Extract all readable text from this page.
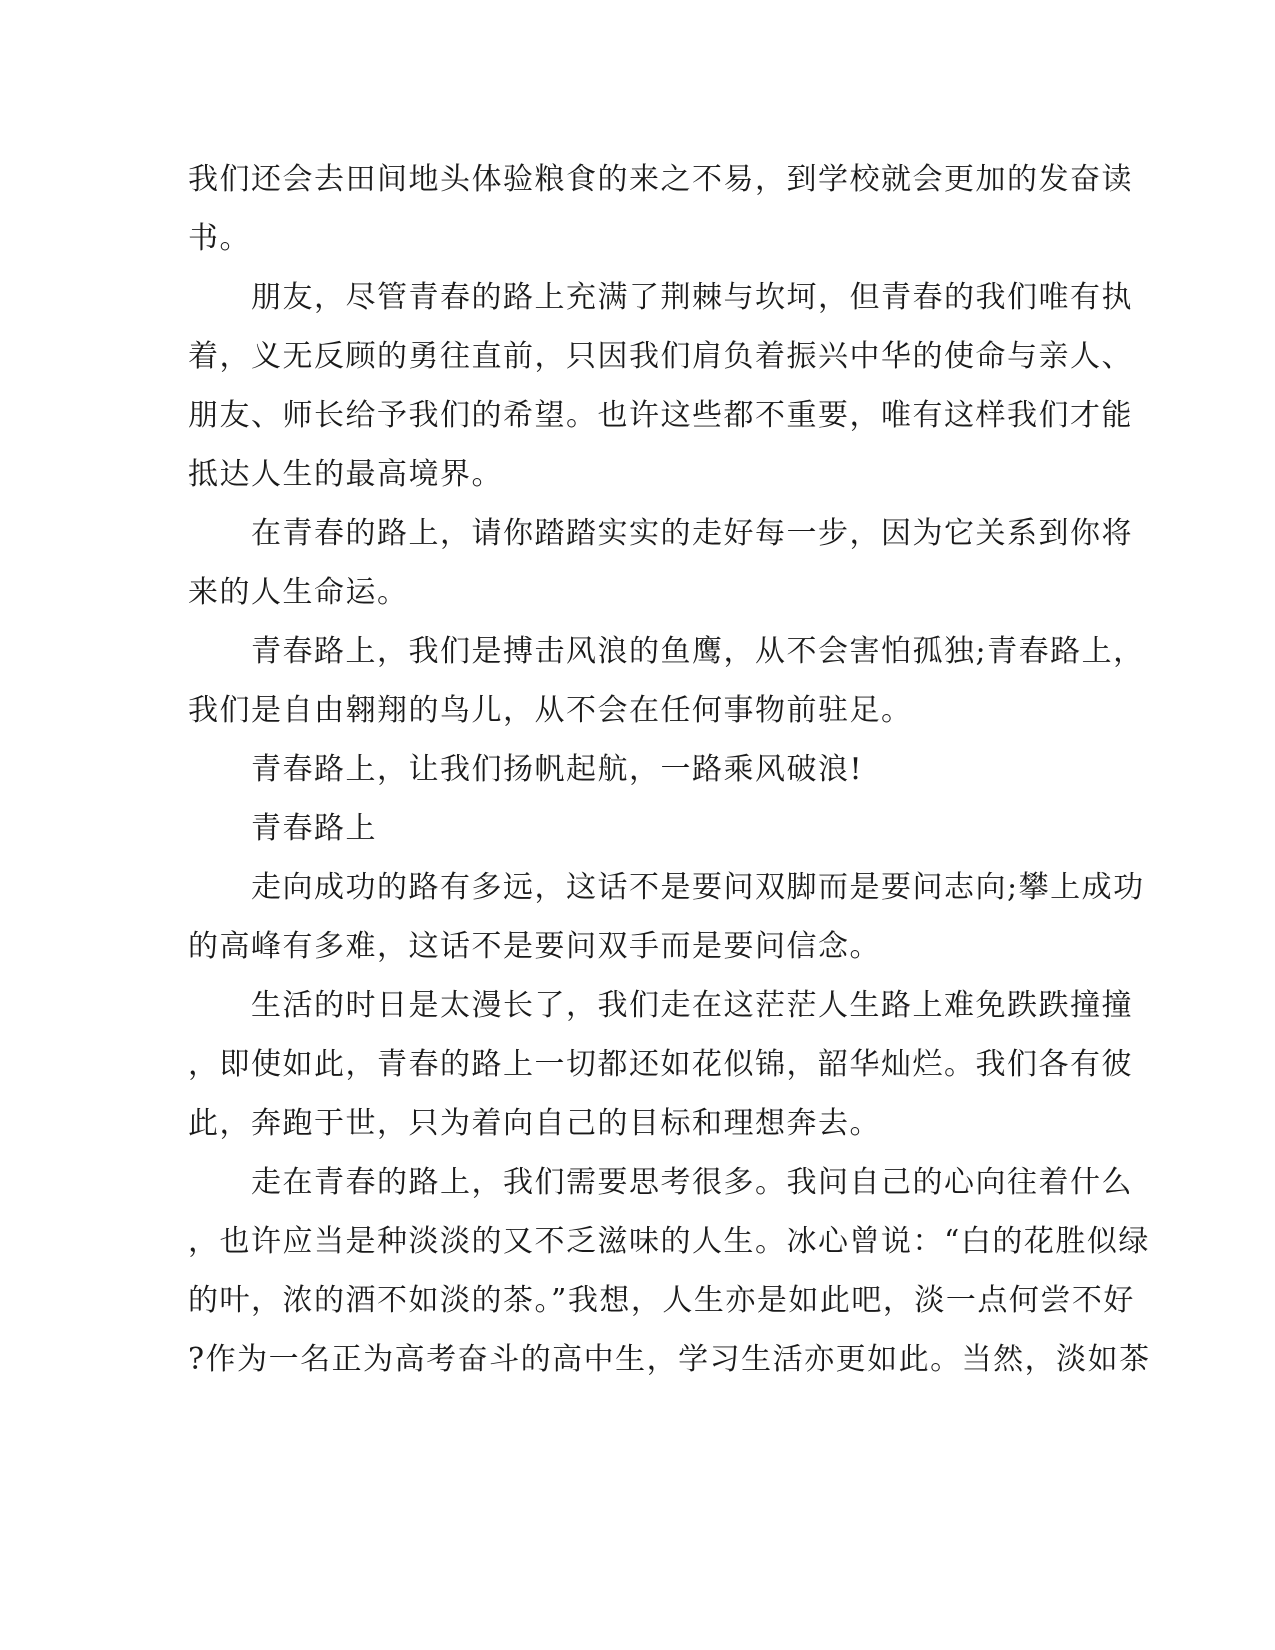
我们还会去田间地头体验粮食的来之不易，到学校就会更加的发奋读
书。
　　朋友，尽管青春的路上充满了荆棘与坎坷，但青春的我们唯有执
着，义无反顾的勇往直前，只因我们肩负着振兴中华的使命与亲人、
朋友、师长给予我们的希望。也许这些都不重要，唯有这样我们才能
抵达人生的最高境界。
　　在青春的路上，请你踏踏实实的走好每一步，因为它关系到你将
来的人生命运。
　　青春路上，我们是搏击风浪的鱼鹰，从不会害怕孤独;青春路上，
我们是自由翱翔的鸟儿，从不会在任何事物前驻足。
　　青春路上，让我们扬帆起航，一路乘风破浪!
　　青春路上
　　走向成功的路有多远，这话不是要问双脚而是要问志向;攀上成功
的高峰有多难，这话不是要问双手而是要问信念。
　　生活的时日是太漫长了，我们走在这茫茫人生路上难免跌跌撞撞
，即使如此，青春的路上一切都还如花似锦，韶华灿烂。我们各有彼
此，奔跑于世，只为着向自己的目标和理想奔去。
　　走在青春的路上，我们需要思考很多。我问自己的心向往着什么
，也许应当是种淡淡的又不乏滋味的人生。冰心曾说：“白的花胜似绿
的叶，浓的酒不如淡的茶。”我想，人生亦是如此吧，淡一点何尝不好
?作为一名正为高考奋斗的高中生，学习生活亦更如此。当然，淡如茶
